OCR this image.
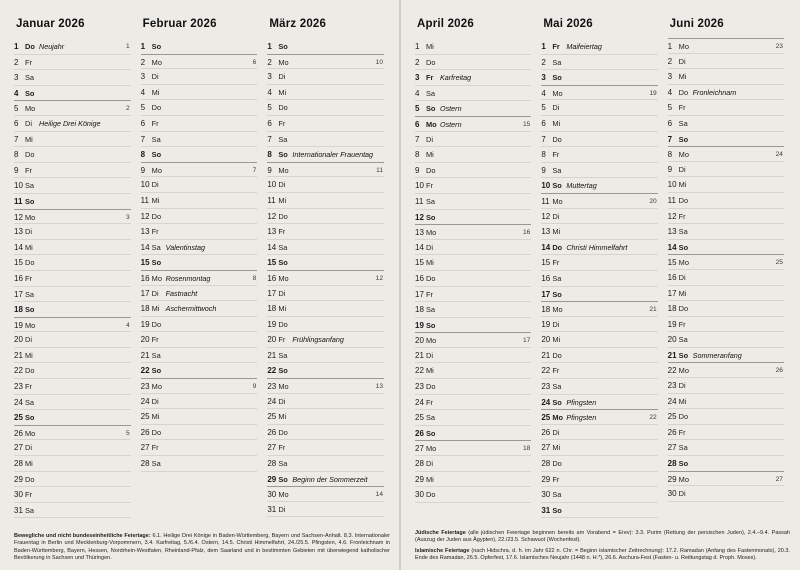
Januar 2026
1 Do Neujahr	1
2 Fr
3 Sa
4 So
5 Mo	2
6 Di Heilige Drei Könige
7 Mi
8 Do
9 Fr
10 Sa
11 So
12 Mo	3
13 Di
14 Mi
15 Do
16 Fr
17 Sa
18 So
19 Mo	4
20 Di
21 Mi
22 Do
23 Fr
24 Sa
25 So
26 Mo	5
27 Di
28 Mi
29 Do
30 Fr
31 Sa
Februar 2026
1 So
2 Mo	6
3 Di
4 Mi
5 Do
6 Fr
7 Sa
8 So
9 Mo	7
10 Di
11 Mi
12 Do
13 Fr
14 Sa Valentinstag
15 So
16 Mo Rosenmontag	8
17 Di Fastnacht
18 Mi Aschermittwoch
19 Do
20 Fr
21 Sa
22 So
23 Mo	9
24 Di
25 Mi
26 Do
27 Fr
28 Sa
März 2026
1 So
2 Mo	10
3 Di
4 Mi
5 Do
6 Fr
7 Sa
8 So Internationaler Frauentag
9 Mo	11
10 Di
11 Mi
12 Do
13 Fr
14 Sa
15 So
16 Mo	12
17 Di
18 Mi
19 Do
20 Fr Frühlingsanfang
21 Sa
22 So
23 Mo	13
24 Di
25 Mi
26 Do
27 Fr
28 Sa
29 So Beginn der Sommerzeit
30 Mo	14
31 Di
Bewegliche und nicht bundeseinheitliche Feiertage: 6.1. Heilige Drei Könige in Baden-Württemberg, Bayern und Sachsen-Anhalt. 8.3. Internationaler Frauentag in Berlin und Mecklenburg-Vorpommern, 3.4. Karfreitag, 5./6.4. Ostern, 14.5. Christi Himmelfahrt, 24./25.5. Pfingsten, 4.6. Fronleichnam in Baden-Württemberg, Bayern, Hessen, Nordrhein-Westfalen, Rheinland-Pfalz, dem Saarland und in bestimmten Gebieten mit überwiegend katholischer Bevölkerung in Sachsen und Thüringen.
April 2026
1 Mi
2 Do
3 Fr Karfreitag
4 Sa
5 So Ostern
6 Mo Ostern	15
7 Di
8 Mi
9 Do
10 Fr
11 Sa
12 So
13 Mo	16
14 Di
15 Mi
16 Do
17 Fr
18 Sa
19 So
20 Mo	17
21 Di
22 Mi
23 Do
24 Fr
25 Sa
26 So
27 Mo	18
28 Di
29 Mi
30 Do
Mai 2026
1 Fr Maifeiertag
2 Sa
3 So
4 Mo	19
5 Di
6 Mi
7 Do
8 Fr
9 Sa
10 So Muttertag
11 Mo	20
12 Di
13 Mi
14 Do Christi Himmelfahrt
15 Fr
16 Sa
17 So
18 Mo	21
19 Di
20 Mi
21 Do
22 Fr
23 Sa
24 So Pfingsten
25 Mo Pfingsten	22
26 Di
27 Mi
28 Do
29 Fr
30 Sa
31 So
Juni 2026
1 Mo	23
2 Di
3 Mi
4 Do Fronleichnam
5 Fr
6 Sa
7 So
8 Mo	24
9 Di
10 Mi
11 Do
12 Fr
13 Sa
14 So
15 Mo	25
16 Di
17 Mi
18 Do
19 Fr
20 Sa
21 So Sommeranfang
22 Mo	26
23 Di
24 Mi
25 Do
26 Fr
27 Sa
28 So
29 Mo	27
30 Di
Jüdische Feiertage (alle jüdischen Feiertage beginnen bereits am Vorabend = Erev): 3.3. Purim (Rettung der persischen Juden), 2.4.–9.4. Passah (Auszug der Juden aus Ägypten), 22./23.5. Schawuot (Wochenfest).
Islamische Feiertage (nach Hidschra, d. h. im Jahr 622 n. Chr. = Beginn islamischer Zeitrechnung): 17.2. Ramadan (Anfang des Fastenmonats), 20.3. Ende des Ramadan, 26.5. Opferfest, 17.6. Islamisches Neujahr (1448 n. H.*), 26.6. Aschura-Fest (Fasten- u. Reittungstag d. Proph. Moses).
